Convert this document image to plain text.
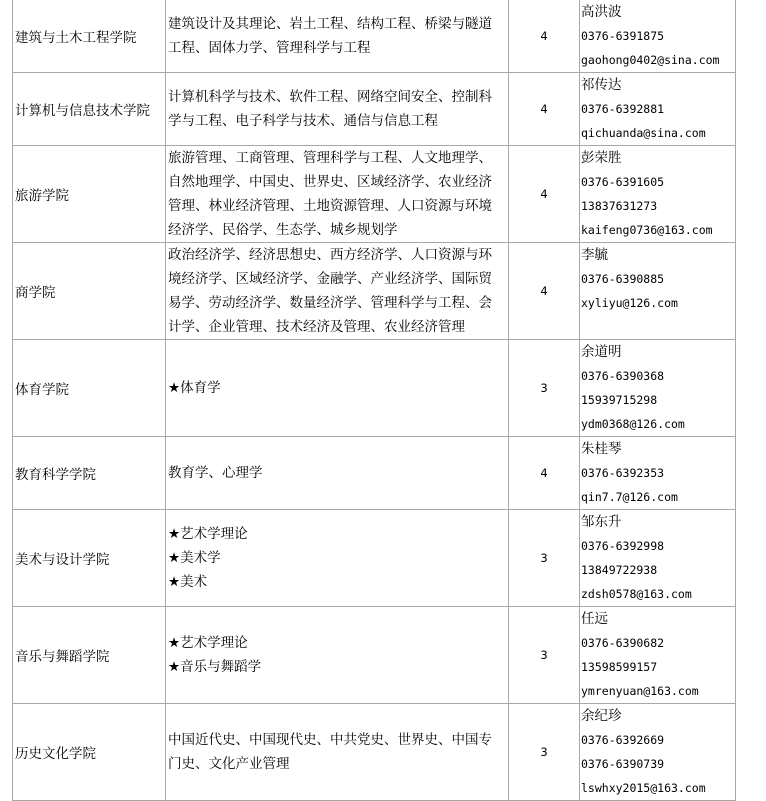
建筑与土木工程学院	建筑设计及其理论、岩土工程、结构工程、桥梁与隧道
工程、固体力学、管理科学与工程	4	高洪波
0376-6391875
gaohong0402@sina.com

计算机与信息技术学院	计算机科学与技术、软件工程、网络空间安全、控制科
学与工程、电子科学与技术、通信与信息工程	4	祁传达
0376-6392881
qichuanda@sina.com

旅游学院	旅游管理、工商管理、管理科学与工程、人文地理学、
自然地理学、中国史、世界史、区域经济学、农业经济
管理、林业经济管理、土地资源管理、人口资源与环境
经济学、民俗学、生态学、城乡规划学	4	彭荣胜
0376-6391605
13837631273
kaifeng0736@163.com

商学院	政治经济学、经济思想史、西方经济学、人口资源与环
境经济学、区域经济学、金融学、产业经济学、国际贸
易学、劳动经济学、数量经济学、管理科学与工程、会
计学、企业管理、技术经济及管理、农业经济管理	4	李毓
0376-6390885
xyliyu@126.com

体育学院	★体育学	3	余道明
0376-6390368
15939715298
ydm0368@126.com

教育科学学院	教育学、心理学	4	朱桂琴
0376-6392353
qin7.7@126.com

美术与设计学院	★艺术学理论
★美术学
★美术	3	邹东升
0376-6392998
13849722938
zdsh0578@163.com

音乐与舞蹈学院	★艺术学理论
★音乐与舞蹈学	3	任远
0376-6390682
13598599157
ymrenyuan@163.com

历史文化学院	中国近代史、中国现代史、中共党史、世界史、中国专
门史、文化产业管理	3	余纪珍
0376-6392669
0376-6390739
lswhxy2015@163.com
